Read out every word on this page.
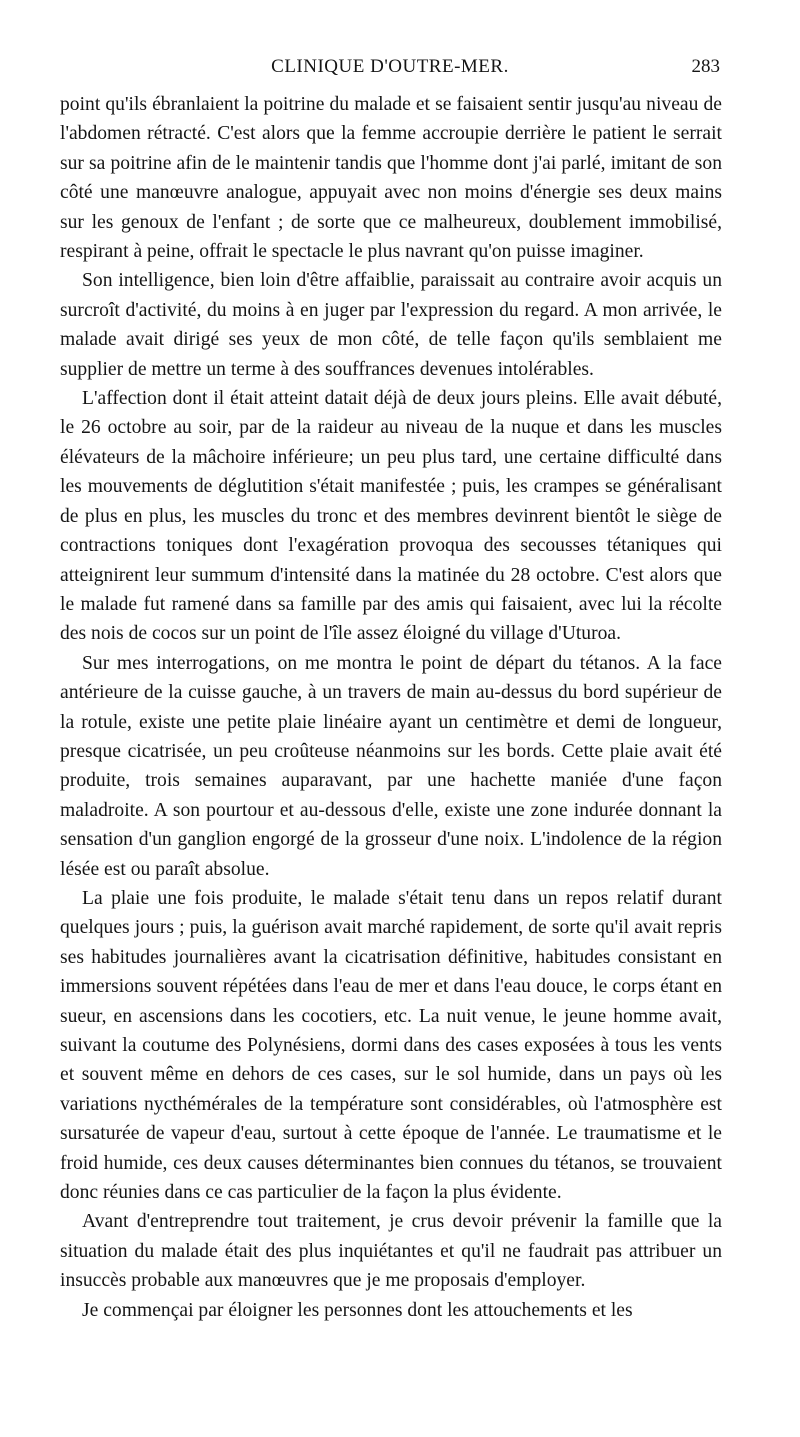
CLINIQUE D'OUTRE-MER.	283

point qu'ils ébranlaient la poitrine du malade et se faisaient sentir jusqu'au niveau de l'abdomen rétracté. C'est alors que la femme accroupie derrière le patient le serrait sur sa poitrine afin de le maintenir tandis que l'homme dont j'ai parlé, imitant de son côté une manœuvre analogue, appuyait avec non moins d'énergie ses deux mains sur les genoux de l'enfant ; de sorte que ce malheureux, doublement immobilisé, respirant à peine, offrait le spectacle le plus navrant qu'on puisse imaginer.

Son intelligence, bien loin d'être affaiblie, paraissait au contraire avoir acquis un surcroît d'activité, du moins à en juger par l'expression du regard. A mon arrivée, le malade avait dirigé ses yeux de mon côté, de telle façon qu'ils semblaient me supplier de mettre un terme à des souffrances devenues intolérables.

L'affection dont il était atteint datait déjà de deux jours pleins. Elle avait débuté, le 26 octobre au soir, par de la raideur au niveau de la nuque et dans les muscles élévateurs de la mâchoire inférieure; un peu plus tard, une certaine difficulté dans les mouvements de déglutition s'était manifestée ; puis, les crampes se généralisant de plus en plus, les muscles du tronc et des membres devinrent bientôt le siège de contractions toniques dont l'exagération provoqua des secousses tétaniques qui atteignirent leur summum d'intensité dans la matinée du 28 octobre. C'est alors que le malade fut ramené dans sa famille par des amis qui faisaient, avec lui la récolte des nois de cocos sur un point de l'île assez éloigné du village d'Uturoa.

Sur mes interrogations, on me montra le point de départ du tétanos. A la face antérieure de la cuisse gauche, à un travers de main au-dessus du bord supérieur de la rotule, existe une petite plaie linéaire ayant un centimètre et demi de longueur, presque cicatrisée, un peu croûteuse néanmoins sur les bords. Cette plaie avait été produite, trois semaines auparavant, par une hachette maniée d'une façon maladroite. A son pourtour et au-dessous d'elle, existe une zone indurée donnant la sensation d'un ganglion engorgé de la grosseur d'une noix. L'indolence de la région lésée est ou paraît absolue.

La plaie une fois produite, le malade s'était tenu dans un repos relatif durant quelques jours ; puis, la guérison avait marché rapidement, de sorte qu'il avait repris ses habitudes journalières avant la cicatrisation définitive, habitudes consistant en immersions souvent répétées dans l'eau de mer et dans l'eau douce, le corps étant en sueur, en ascensions dans les cocotiers, etc. La nuit venue, le jeune homme avait, suivant la coutume des Polynésiens, dormi dans des cases exposées à tous les vents et souvent même en dehors de ces cases, sur le sol humide, dans un pays où les variations nycthémérales de la température sont considérables, où l'atmosphère est sursaturée de vapeur d'eau, surtout à cette époque de l'année. Le traumatisme et le froid humide, ces deux causes déterminantes bien connues du tétanos, se trouvaient donc réunies dans ce cas particulier de la façon la plus évidente.

Avant d'entreprendre tout traitement, je crus devoir prévenir la famille que la situation du malade était des plus inquiétantes et qu'il ne faudrait pas attribuer un insuccès probable aux manœuvres que je me proposais d'employer.

Je commençai par éloigner les personnes dont les attouchements et les
